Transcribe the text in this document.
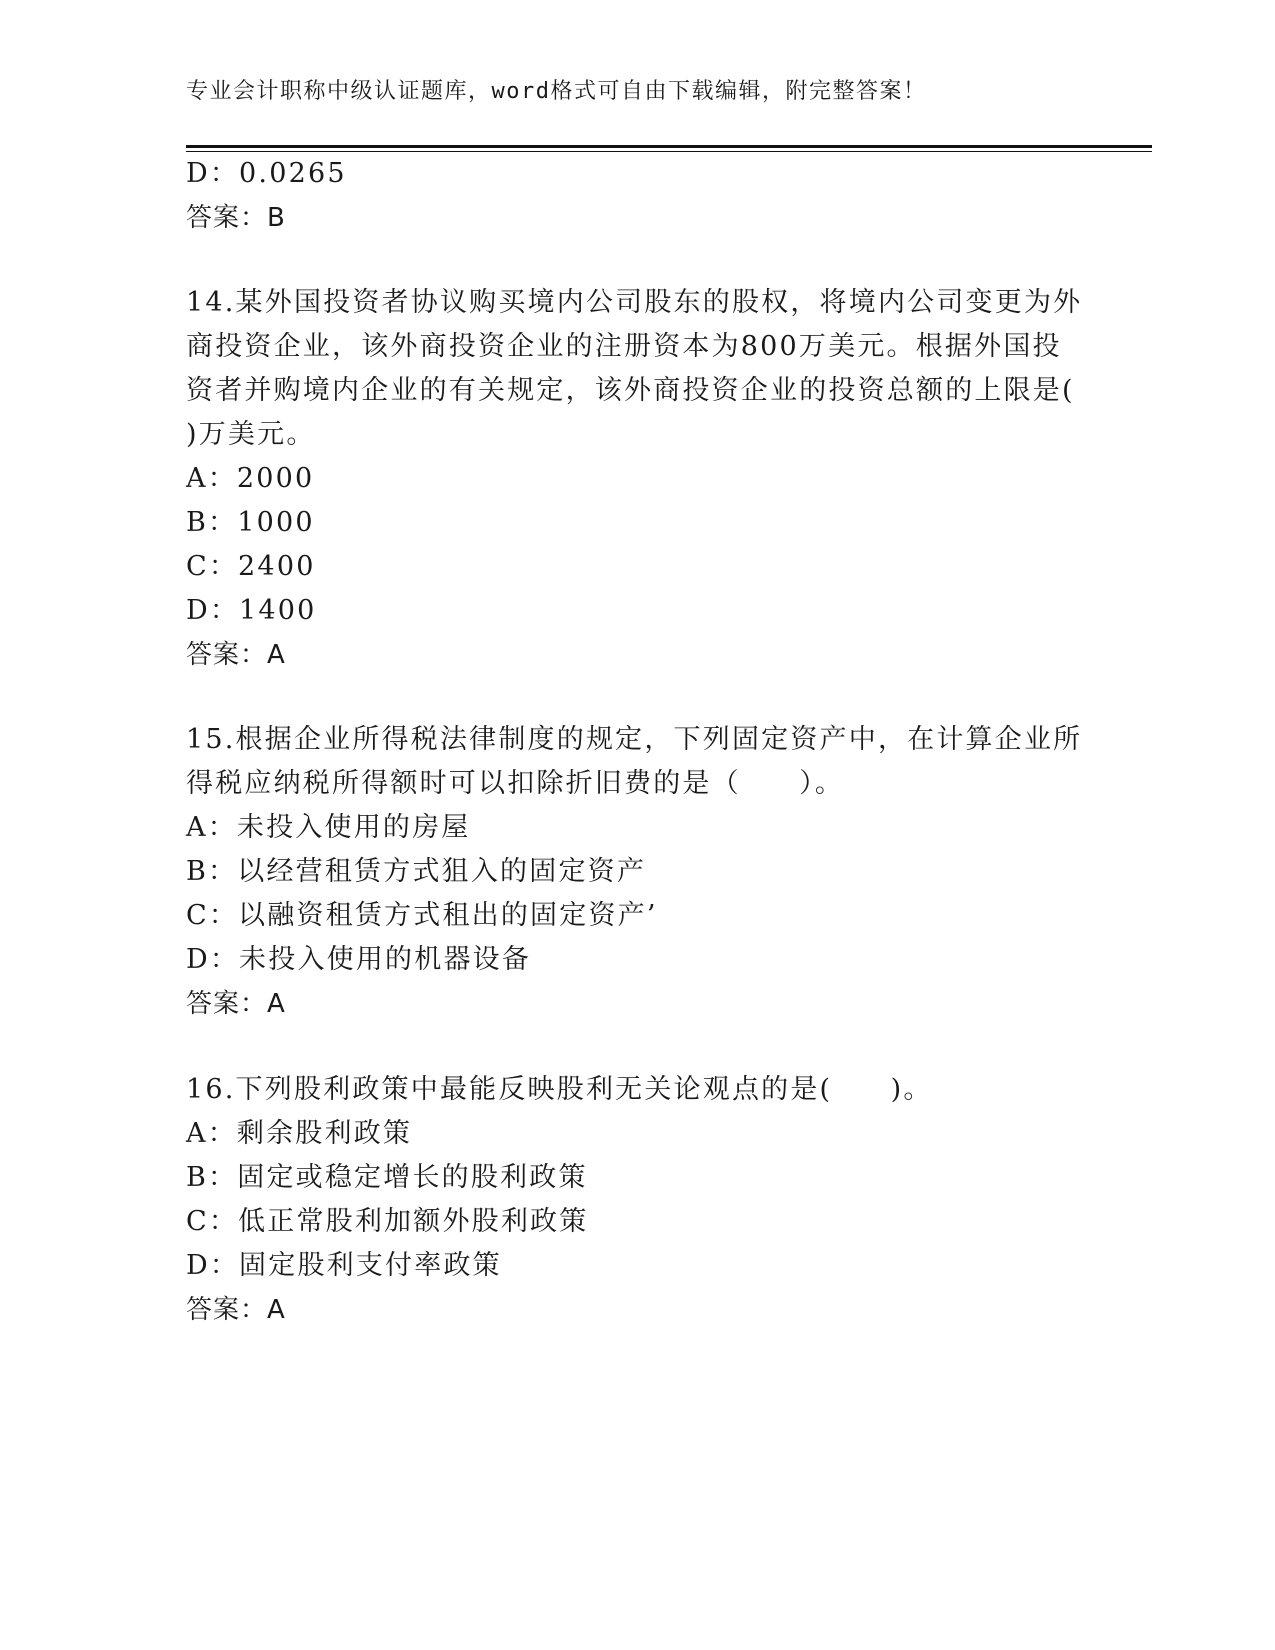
专业会计职称中级认证题库，word格式可自由下载编辑，附完整答案！
D：0.0265
答案：B
14.某外国投资者协议购买境内公司股东的股权，将境内公司变更为外
商投资企业，该外商投资企业的注册资本为800万美元。根据外国投
资者并购境内企业的有关规定，该外商投资企业的投资总额的上限是(
)万美元。
A：2000
B：1000
C：2400
D：1400
答案：A
15.根据企业所得税法律制度的规定，下列固定资产中，在计算企业所
得税应纳税所得额时可以扣除折旧费的是（　　）。
A：未投入使用的房屋
B：以经营租赁方式狙入的固定资产
C：以融资租赁方式租出的固定资产’
D：未投入使用的机器设备
答案：A
16.下列股利政策中最能反映股利无关论观点的是(　　)。
A：剩余股利政策
B：固定或稳定增长的股利政策
C：低正常股利加额外股利政策
D：固定股利支付率政策
答案：A
